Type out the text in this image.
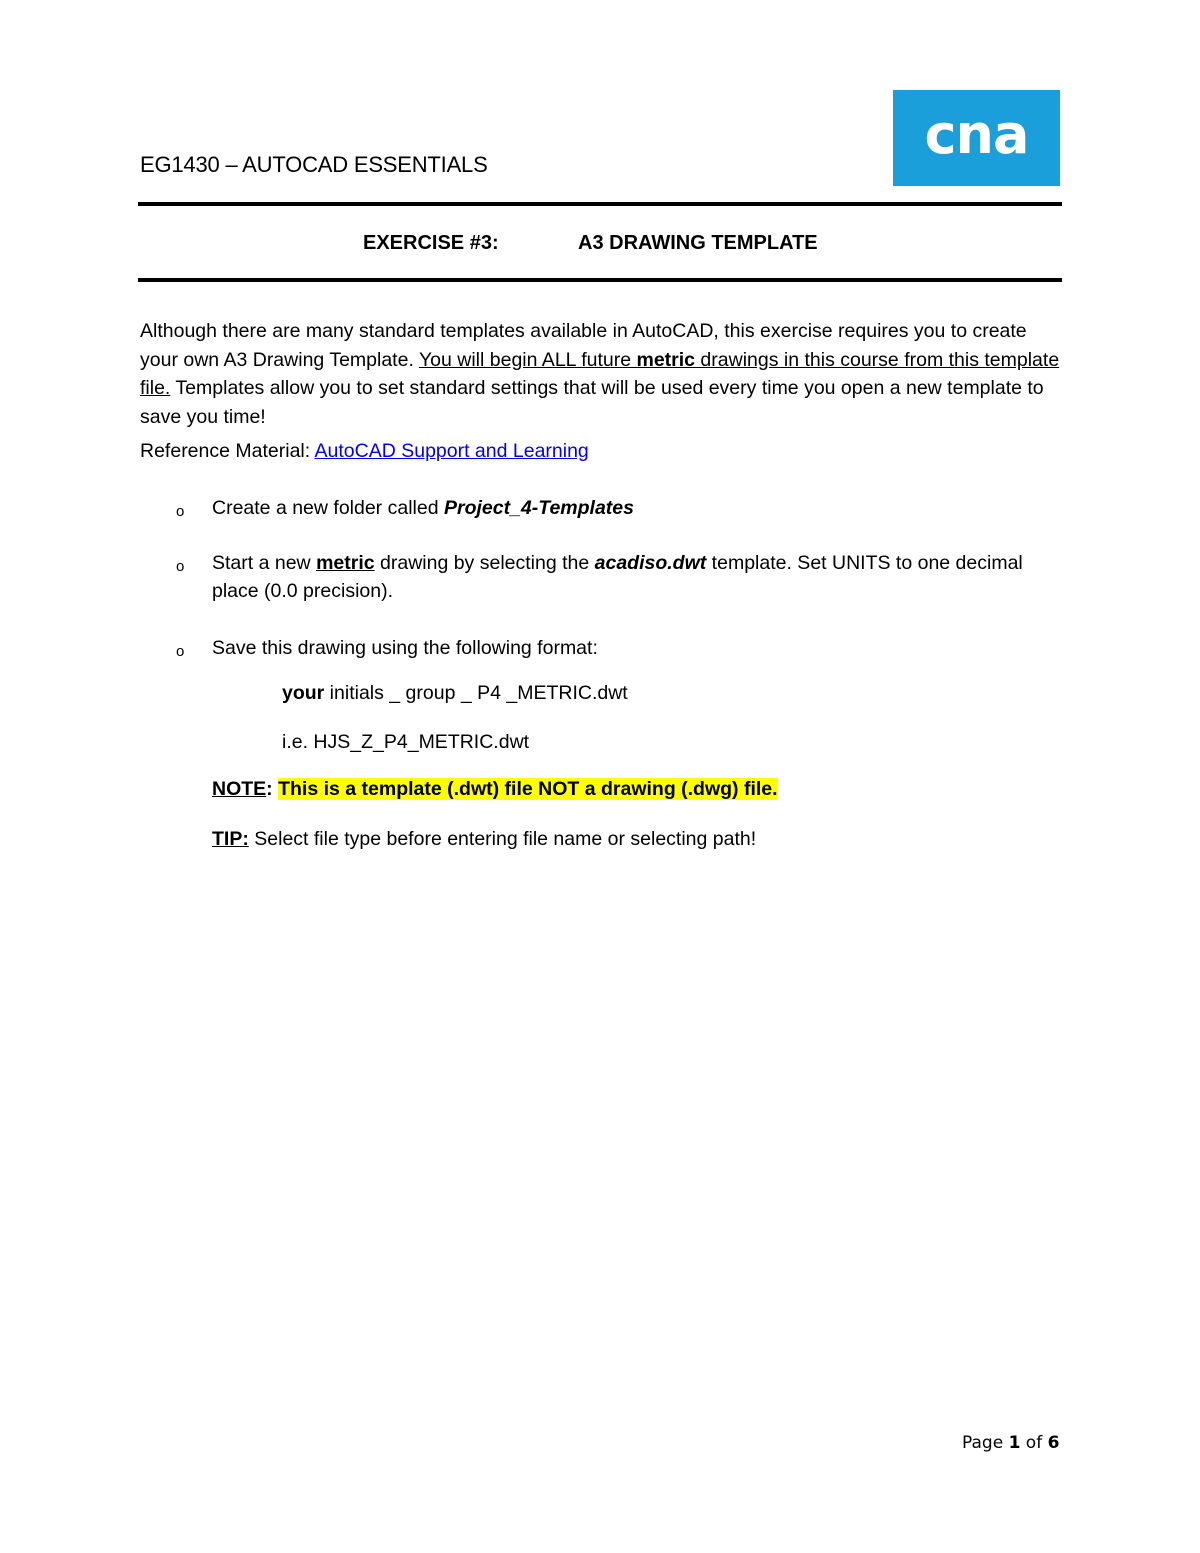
EG1430 – AUTOCAD ESSENTIALS	cna
EXERCISE #3:	A3 DRAWING TEMPLATE
Although there are many standard templates available in AutoCAD, this exercise requires you to create your own A3 Drawing Template. You will begin ALL future metric drawings in this course from this template file. Templates allow you to set standard settings that will be used every time you open a new template to save you time!
Reference Material: AutoCAD Support and Learning
o Create a new folder called Project_4-Templates
o Start a new metric drawing by selecting the acadiso.dwt template. Set UNITS to one decimal place (0.0 precision).
o Save this drawing using the following format:
your initials _ group _ P4 _METRIC.dwt
i.e. HJS_Z_P4_METRIC.dwt
NOTE: This is a template (.dwt) file NOT a drawing (.dwg) file.
TIP: Select file type before entering file name or selecting path!
Page 1 of 6
